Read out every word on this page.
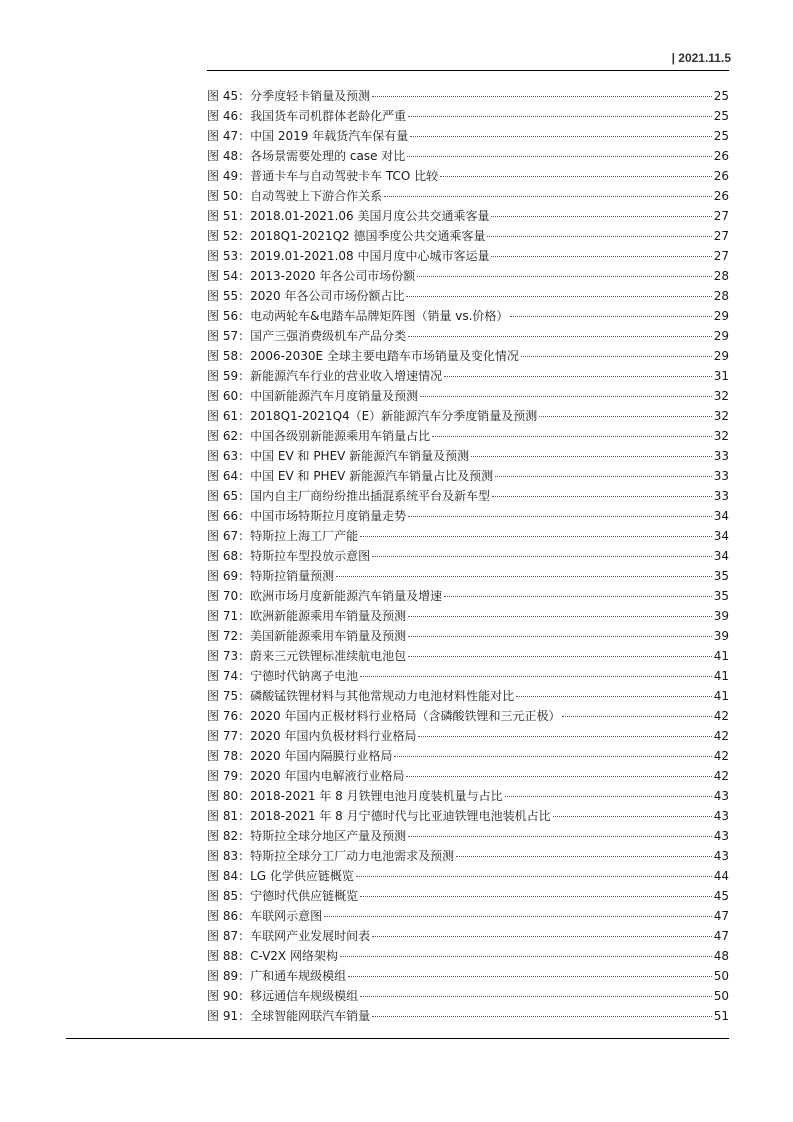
| 2021.11.5
图 45：分季度轻卡销量及预测	25
图 46：我国货车司机群体老龄化严重	25
图 47：中国 2019 年载货汽车保有量	25
图 48：各场景需要处理的 case 对比	26
图 49：普通卡车与自动驾驶卡车 TCO 比较	26
图 50：自动驾驶上下游合作关系	26
图 51：2018.01-2021.06 美国月度公共交通乘客量	27
图 52：2018Q1-2021Q2 德国季度公共交通乘客量	27
图 53：2019.01-2021.08 中国月度中心城市客运量	27
图 54：2013-2020 年各公司市场份额	28
图 55：2020 年各公司市场份额占比	28
图 56：电动两轮车&电踏车品牌矩阵图（销量 vs.价格）	29
图 57：国产三强消费级机车产品分类	29
图 58：2006-2030E 全球主要电踏车市场销量及变化情况	29
图 59：新能源汽车行业的营业收入增速情况	31
图 60：中国新能源汽车月度销量及预测	32
图 61：2018Q1-2021Q4（E）新能源汽车分季度销量及预测	32
图 62：中国各级别新能源乘用车销量占比	32
图 63：中国 EV 和 PHEV 新能源汽车销量及预测	33
图 64：中国 EV 和 PHEV 新能源汽车销量占比及预测	33
图 65：国内自主厂商纷纷推出插混系统平台及新车型	33
图 66：中国市场特斯拉月度销量走势	34
图 67：特斯拉上海工厂产能	34
图 68：特斯拉车型投放示意图	34
图 69：特斯拉销量预测	35
图 70：欧洲市场月度新能源汽车销量及增速	35
图 71：欧洲新能源乘用车销量及预测	39
图 72：美国新能源乘用车销量及预测	39
图 73：蔚来三元铁锂标准续航电池包	41
图 74：宁德时代钠离子电池	41
图 75：磷酸锰铁锂材料与其他常规动力电池材料性能对比	41
图 76：2020 年国内正极材料行业格局（含磷酸铁锂和三元正极）	42
图 77：2020 年国内负极材料行业格局	42
图 78：2020 年国内隔膜行业格局	42
图 79：2020 年国内电解液行业格局	42
图 80：2018-2021 年 8 月铁锂电池月度装机量与占比	43
图 81：2018-2021 年 8 月宁德时代与比亚迪铁锂电池装机占比	43
图 82：特斯拉全球分地区产量及预测	43
图 83：特斯拉全球分工厂动力电池需求及预测	43
图 84：LG 化学供应链概览	44
图 85：宁德时代供应链概览	45
图 86：车联网示意图	47
图 87：车联网产业发展时间表	47
图 88：C-V2X 网络架构	48
图 89：广和通车规级模组	50
图 90：移远通信车规级模组	50
图 91：全球智能网联汽车销量	51
